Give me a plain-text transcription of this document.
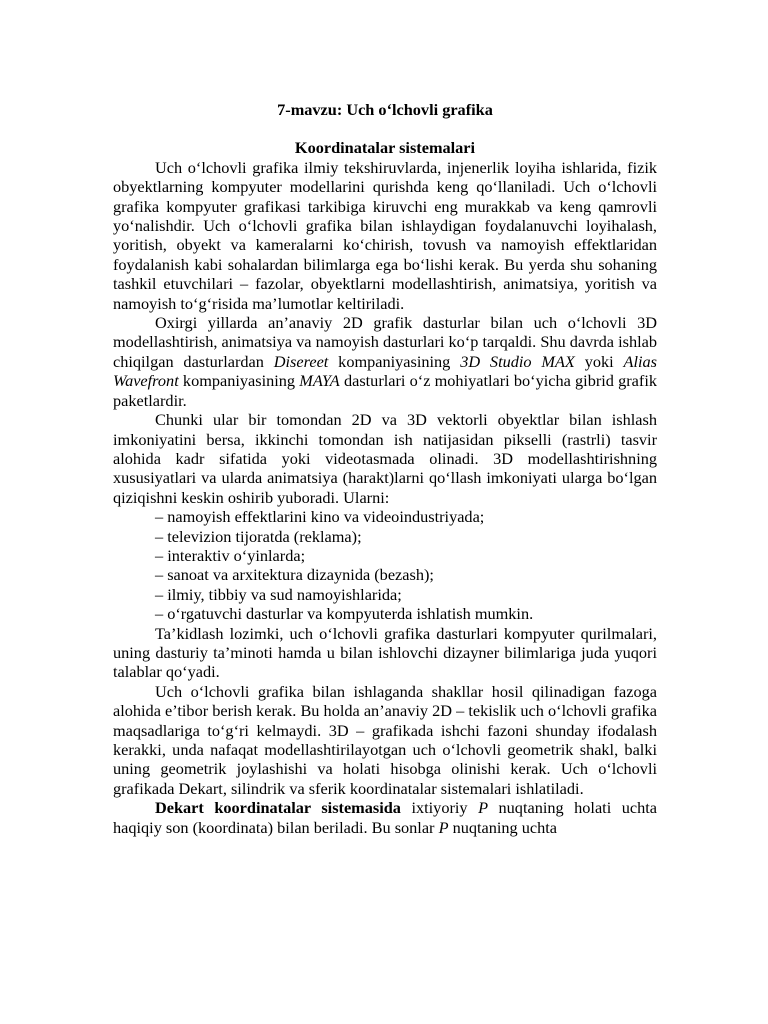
7-mavzu: Uch o‘lchovli grafika
Koordinatalar sistemalari

Uch o‘lchovli grafika ilmiy tekshiruvlarda, injenerlik loyiha ishlarida, fizik obyektlarning kompyuter modellarini qurishda keng qo‘llaniladi. Uch o‘lchovli grafika kompyuter grafikasi tarkibiga kiruvchi eng murakkab va keng qamrovli yo‘nalishdir. Uch o‘lchovli grafika bilan ishlaydigan foydalanuvchi loyihalash, yoritish, obyekt va kameralarni ko‘chirish, tovush va namoyish effektlaridan foydalanish kabi sohalardan bilimlarga ega bo‘lishi kerak. Bu yerda shu sohaning tashkil etuvchilari – fazolar, obyektlarni modellashtirish, animatsiya, yoritish va namoyish to‘g‘risida ma’lumotlar keltiriladi.

Oxirgi yillarda an’anaviy 2D grafik dasturlar bilan uch o‘lchovli 3D modellashtirish, animatsiya va namoyish dasturlari ko‘p tarqaldi. Shu davrda ishlab chiqilgan dasturlardan Disereet kompaniyasining 3D Studio MAX yoki Alias Wavefront kompaniyasining MAYA dasturlari o‘z mohiyatlari bo‘yicha gibrid grafik paketlardir.

Chunki ular bir tomondan 2D va 3D vektorli obyektlar bilan ishlash imkoniyatini bersa, ikkinchi tomondan ish natijasidan pikselli (rastrli) tasvir alohida kadr sifatida yoki videotasmada olinadi. 3D modellashtirishning xususiyatlari va ularda animatsiya (harakt)larni qo‘llash imkoniyati ularga bo‘lgan qiziqishni keskin oshirib yuboradi. Ularni:

– namoyish effektlarini kino va videoindustriyada;
– televizion tijoratda (reklama);
– interaktiv o‘yinlarda;
– sanoat va arxitektura dizaynida (bezash);
– ilmiy, tibbiy va sud namoyishlarida;
– o‘rgatuvchi dasturlar va kompyuterda ishlatish mumkin.

Ta’kidlash lozimki, uch o‘lchovli grafika dasturlari kompyuter qurilmalari, uning dasturiy ta’minoti hamda u bilan ishlovchi dizayner bilimlariga juda yuqori talablar qo‘yadi.

Uch o‘lchovli grafika bilan ishlaganda shakllar hosil qilinadigan fazoga alohida e’tibor berish kerak. Bu holda an’anaviy 2D – tekislik uch o‘lchovli grafika maqsadlariga to‘g‘ri kelmaydi. 3D – grafikada ishchi fazoni shunday ifodalash kerakki, unda nafaqat modellashtirilayotgan uch o‘lchovli geometrik shakl, balki uning geometrik joylashishi va holati hisobga olinishi kerak. Uch o‘lchovli grafikada Dekart, silindrik va sferik koordinatalar sistemalari ishlatiladi.

Dekart koordinatalar sistemasida ixtiyoriy P nuqtaning holati uchta haqiqiy son (koordinata) bilan beriladi. Bu sonlar P nuqtaning uchta
